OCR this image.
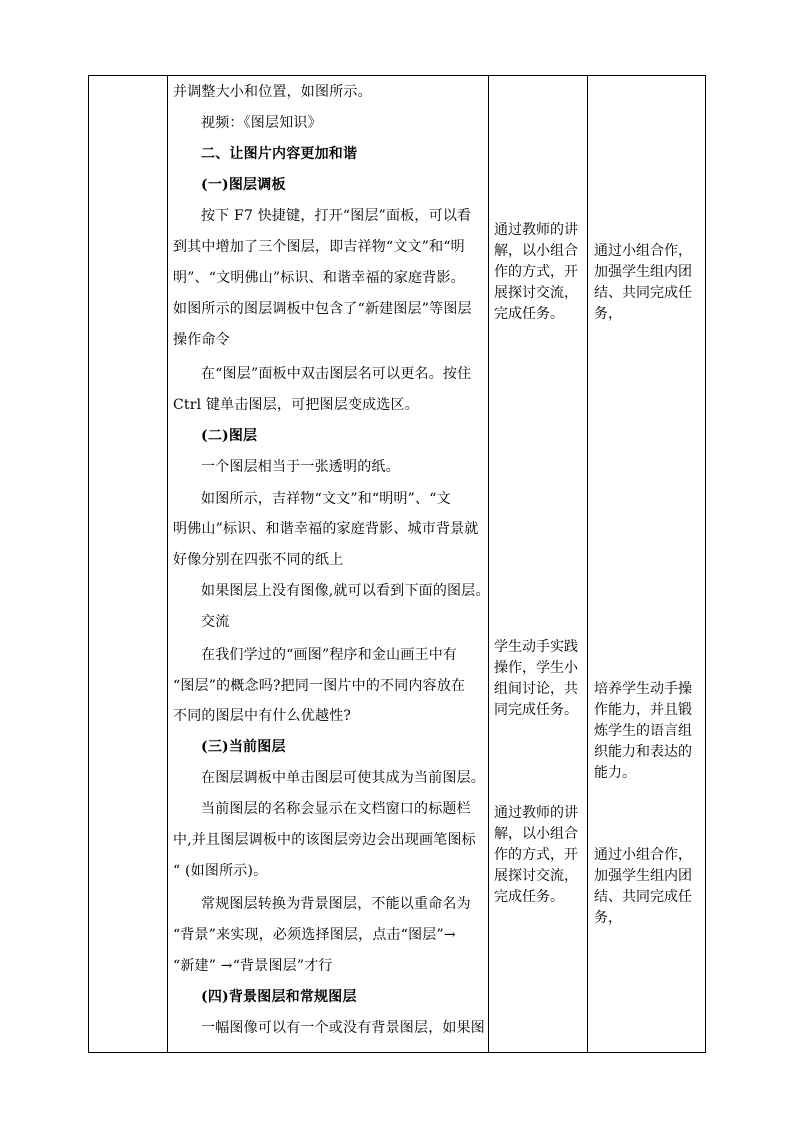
并调整大小和位置，如图所示。
视频：《图层知识》
二、让图片内容更加和谐
(一)图层调板
按下 F7 快捷键，打开“图层”面板，可以看
到其中增加了三个图层，即吉祥物“文文”和“明
明”、“文明佛山”标识、和谐幸福的家庭背影。
如图所示的图层调板中包含了“新建图层”等图层
操作命令
在“图层”面板中双击图层名可以更名。按住
Ctrl 键单击图层，可把图层变成选区。
(二)图层
一个图层相当于一张透明的纸。
如图所示，吉祥物“文文”和“明明”、“文
明佛山”标识、和谐幸福的家庭背影、城市背景就
好像分别在四张不同的纸上
如果图层上没有图像,就可以看到下面的图层。
交流
在我们学过的“画图”程序和金山画王中有
“图层”的概念吗?把同一图片中的不同内容放在
不同的图层中有什么优越性?
(三)当前图层
在图层调板中单击图层可使其成为当前图层。
当前图层的名称会显示在文档窗口的标题栏
中,并且图层调板中的该图层旁边会出现画笔图标
“ (如图所示)。
常规图层转换为背景图层，不能以重命名为
“背景”来实现，必须选择图层，点击“图层”→
“新建” →“背景图层”才行
(四)背景图层和常规图层
一幅图像可以有一个或没有背景图层，如果图
通过教师的讲
解，以小组合
作的方式，开
展探讨交流，
完成任务。
学生动手实践
操作，学生小
组间讨论，共
同完成任务。
通过教师的讲
解，以小组合
作的方式，开
展探讨交流，
完成任务。
通过小组合作，
加强学生组内团
结、共同完成任
务，
培养学生动手操
作能力，并且锻
炼学生的语言组
织能力和表达的
能力。
通过小组合作，
加强学生组内团
结、共同完成任
务，
